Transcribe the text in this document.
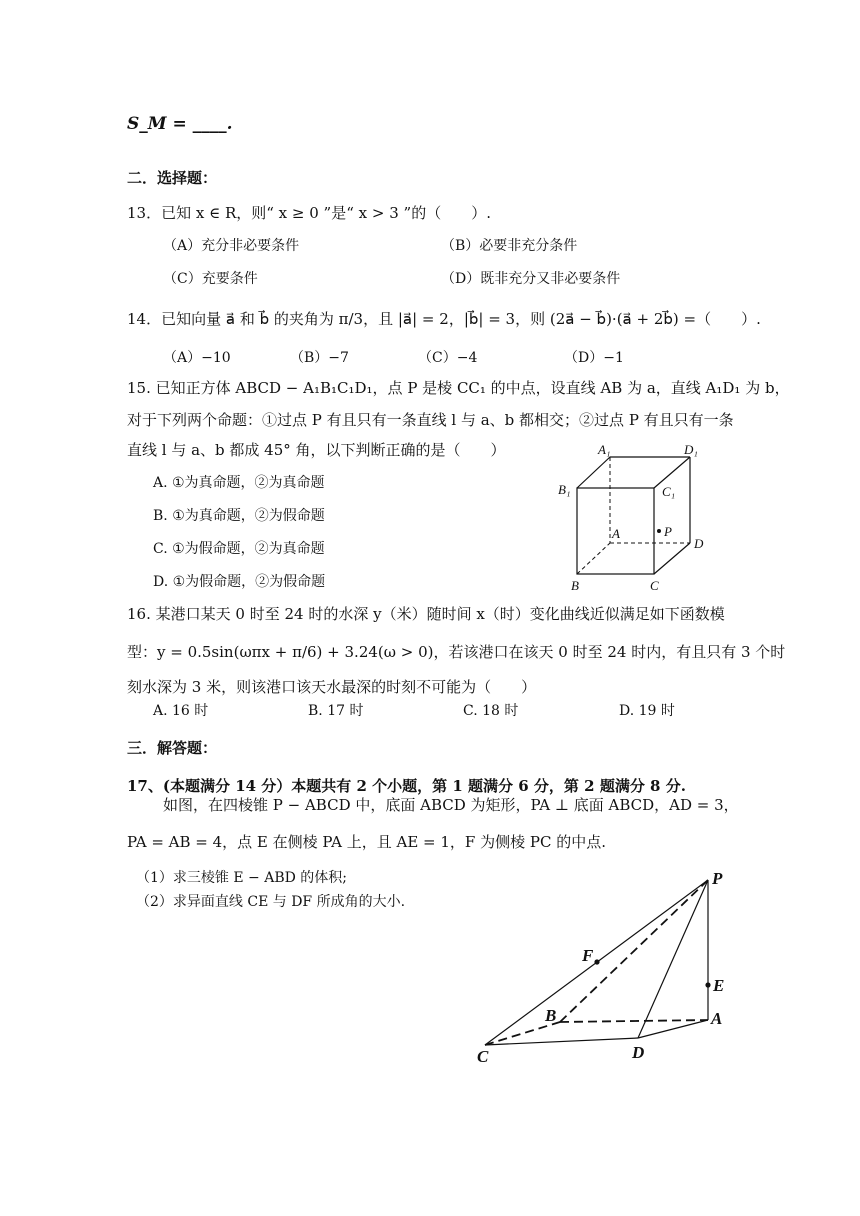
S_M = ____.
二．选择题：
13．已知 x ∈ R，则“ x ≥ 0 ”是“ x > 3 ”的（　　）.
（A）充分非必要条件	（B）必要非充分条件
（C）充要条件	（D）既非充分又非必要条件
14．已知向量 a⃗ 和 b⃗ 的夹角为 π/3，且 |a⃗| = 2，|b⃗| = 3，则 (2a⃗ − b⃗)·(a⃗ + 2b⃗) =（　　）.
（A）−10	（B）−7	（C）−4	（D）−1
15. 已知正方体 ABCD − A₁B₁C₁D₁，点 P 是棱 CC₁ 的中点，设直线 AB 为 a，直线 A₁D₁ 为 b，
对于下列两个命题：①过点 P 有且只有一条直线 l 与 a、b 都相交；②过点 P 有且只有一条
直线 l 与 a、b 都成 45° 角，以下判断正确的是（　　）
A. ①为真命题，②为真命题
B. ①为真命题，②为假命题
C. ①为假命题，②为真命题
D. ①为假命题，②为假命题
A₁	D₁
B₁	C₁
A	P
D
B	C
16. 某港口某天 0 时至 24 时的水深 y（米）随时间 x（时）变化曲线近似满足如下函数模
型：y = 0.5sin(ωπx + π/6) + 3.24(ω > 0)，若该港口在该天 0 时至 24 时内，有且只有 3 个时
刻水深为 3 米，则该港口该天水最深的时刻不可能为（　　）
A. 16 时	B. 17 时	C. 18 时	D. 19 时
三．解答题：
17、(本题满分 14 分）本题共有 2 个小题，第 1 题满分 6 分，第 2 题满分 8 分.
如图，在四棱锥 P − ABCD 中，底面 ABCD 为矩形，PA ⊥ 底面 ABCD，AD = 3，
PA = AB = 4，点 E 在侧棱 PA 上，且 AE = 1，F 为侧棱 PC 的中点.
（1）求三棱锥 E − ABD 的体积;
（2）求异面直线 CE 与 DF 所成角的大小.
P
F
E
B	A
C	D
